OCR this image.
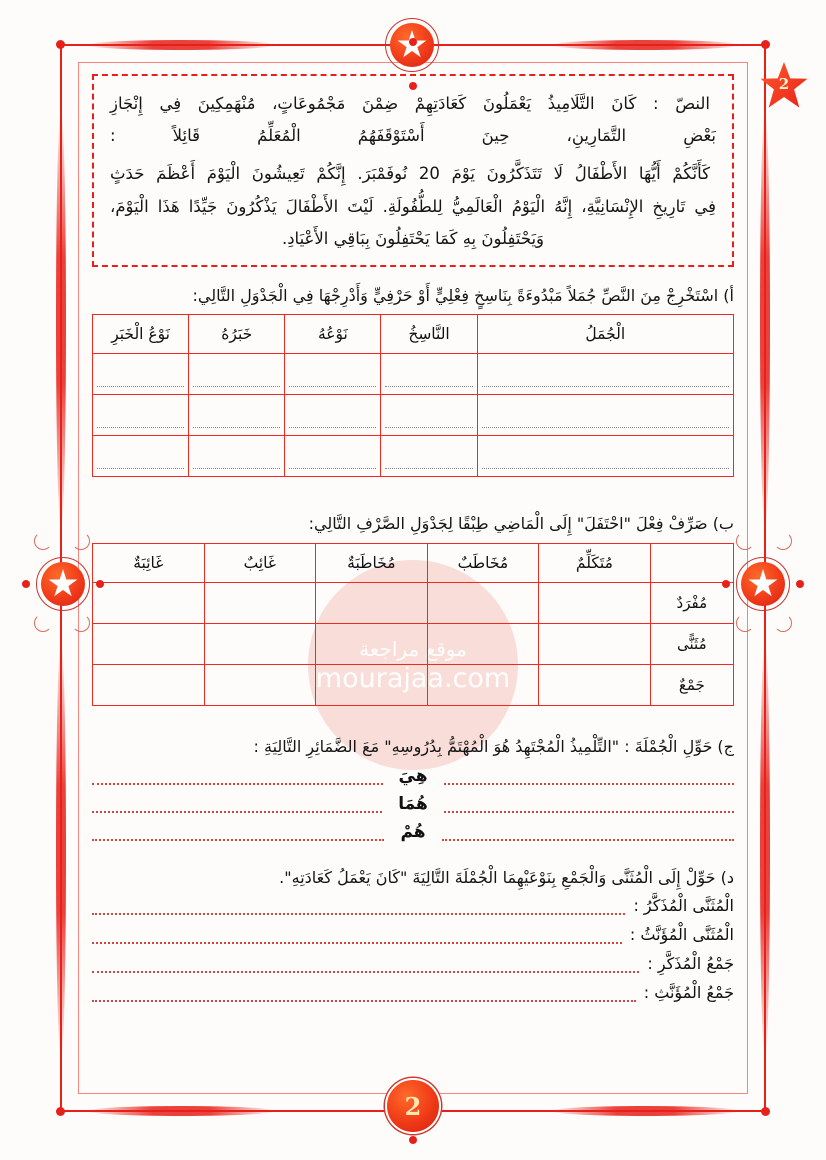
2
2
موقع مراجعة
mourajaa.com
النصّ : كَانَ التَّلَامِيذُ يَعْمَلُونَ كَعَادَتِهِمْ ضِمْنَ مَجْمُوعَاتٍ، مُنْهَمِكِينَ فِي إِنْجَازِ
بَعْضِ التَّمَارِينِ، حِينَ أَسْتَوْقَفَهُمُ الْمُعَلِّمُ قَائِلاً :
كَأَنَّكُمْ أَيُّهَا الأَطْفَالُ لَا تَتَذَكَّرُونَ يَوْمَ 20 نُوفَمْبَرَ. إِنَّكُمْ تَعِيشُونَ الْيَوْمَ أَعْظَمَ حَدَثٍ
فِي تَارِيخِ الإِنْسَانِيَّةِ، إِنَّهُ الْيَوْمُ الْعَالَمِيُّ لِلطُّفُولَةِ. لَيْتَ الأَطْفَالَ يَذْكُرُونَ جَيِّدًا هَذَا الْيَوْمَ،
وَيَحْتَفِلُونَ بِهِ كَمَا يَحْتَفِلُونَ بِبَاقِي الأَعْيَادِ.
أ) اسْتَخْرِجْ مِنَ النَّصِّ جُمَلاً مَبْدُوءَةً بِنَاسِخٍ فِعْلِيٍّ أَوْ حَرْفِيٍّ وَأَدْرِجْهَا فِي الْجَدْوَلِ التَّالِي:
الْجُمَلُ	النَّاسِخُ	نَوْعُهُ	خَبَرُهُ	نَوْعُ الْخَبَرِ

ب) صَرِّفْ فِعْلَ "احْتَفَلَ" إِلَى الْمَاضِي طِبْقًا لِجَدْوَلِ الصَّرْفِ التَّالِي:
	مُتَكَلِّمٌ	مُخَاطَبٌ	مُخَاطَبَةٌ	غَائِبٌ	غَائِبَةٌ
مُفْرَدٌ					
مُثَنًّى					
جَمْعٌ					
ج) حَوِّلِ الْجُمْلَةَ : "التِّلْمِيذُ الْمُجْتَهِدُ هُوَ الْمُهْتَمُّ بِدُرُوسِهِ" مَعَ الضَّمَائِرِ التَّالِيَةِ :
هِيَ
هُمَا
هُمْ
د) حَوِّلْ إِلَى الْمُثَنَّى وَالْجَمْعِ بِنَوْعَيْهِمَا الْجُمْلَةَ التَّالِيَةَ "كَانَ يَعْمَلُ كَعَادَتِهِ".
الْمُثَنَّى الْمُذَكَّرُ :
الْمُثَنَّى الْمُؤَنَّثُ :
جَمْعُ الْمُذَكَّرِ :
جَمْعُ الْمُؤَنَّثِ :
